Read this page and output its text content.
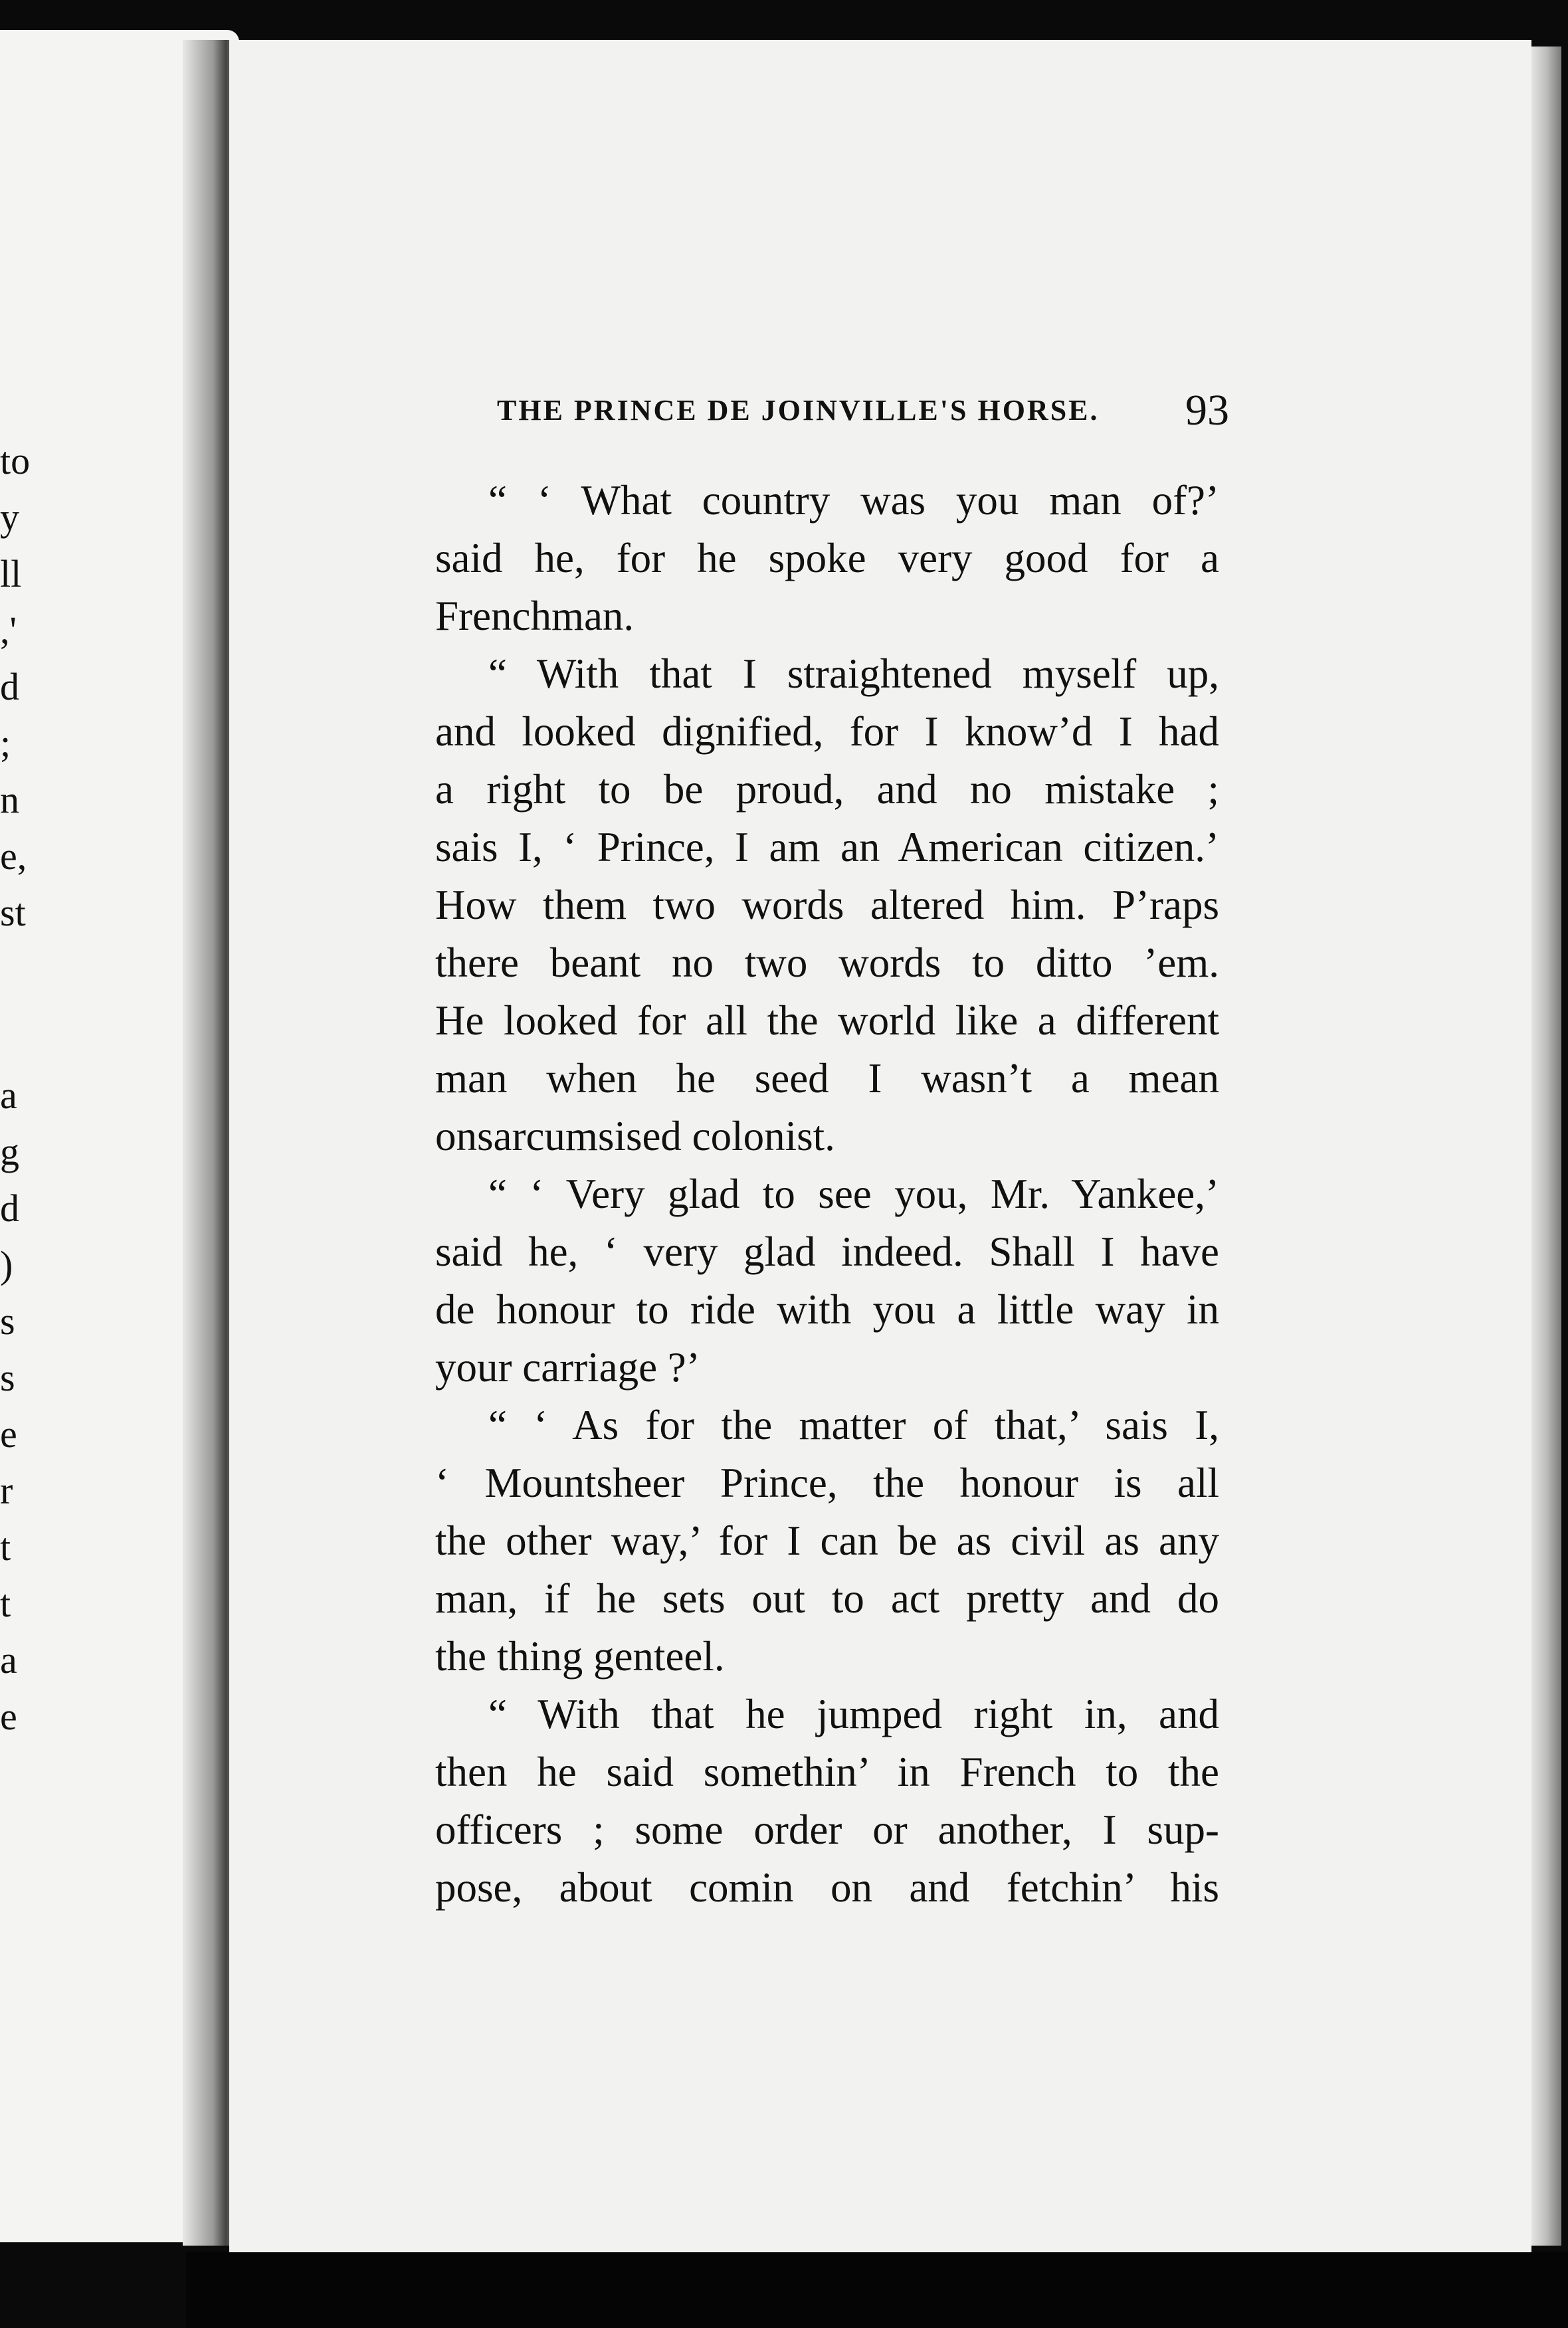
to
y
ll
,'
d
;
n
e,
st
a
g
d
)
s
s
e
r
t
t
a
e
THE PRINCE DE JOINVILLE'S HORSE. 93
“ ‘ What country was you man of?’
said he, for he spoke very good for a
Frenchman.
“ With that I straightened myself up,
and looked dignified, for I know’d I had
a right to be proud, and no mistake ;
sais I, ‘ Prince, I am an American citizen.’
How them two words altered him. P’raps
there beant no two words to ditto ’em.
He looked for all the world like a different
man when he seed I wasn’t a mean
onsarcumsised colonist.
“ ‘ Very glad to see you, Mr. Yankee,’
said he, ‘ very glad indeed. Shall I have
de honour to ride with you a little way in
your carriage ?’
“ ‘ As for the matter of that,’ sais I,
‘ Mountsheer Prince, the honour is all
the other way,’ for I can be as civil as any
man, if he sets out to act pretty and do
the thing genteel.
“ With that he jumped right in, and
then he said somethin’ in French to the
officers ; some order or another, I sup-
pose, about comin on and fetchin’ his
